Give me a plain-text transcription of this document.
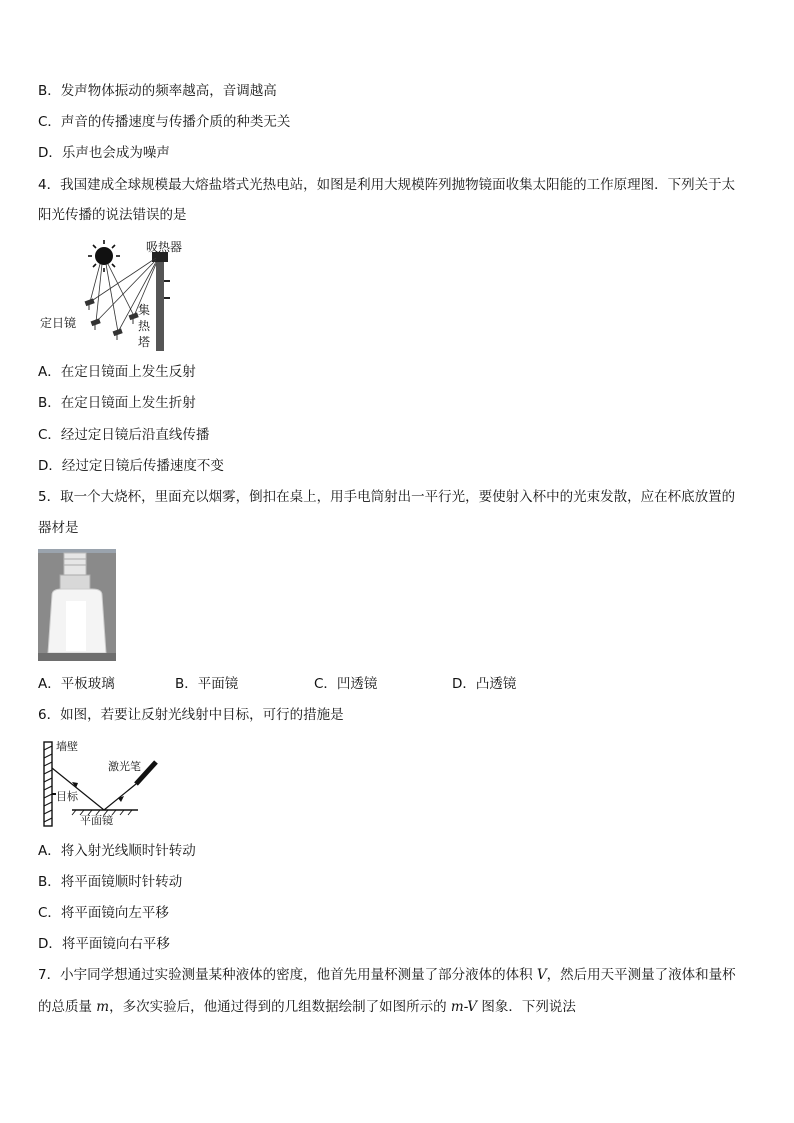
B．发声物体振动的频率越高，音调越高
C．声音的传播速度与传播介质的种类无关
D．乐声也会成为噪声
4．我国建成全球规模最大熔盐塔式光热电站，如图是利用大规模阵列抛物镜面收集太阳能的工作原理图．下列关于太
阳光传播的说法错误的是
吸热器
定日镜
集
热
塔
A．在定日镜面上发生反射
B．在定日镜面上发生折射
C．经过定日镜后沿直线传播
D．经过定日镜后传播速度不变
5．取一个大烧杯，里面充以烟雾，倒扣在桌上，用手电筒射出一平行光，要使射入杯中的光束发散，应在杯底放置的
器材是
A．平板玻璃	B．平面镜	C．凹透镜	D．凸透镜
6．如图，若要让反射光线射中目标，可行的措施是
墙壁
激光笔
目标
平面镜
A．将入射光线顺时针转动
B．将平面镜顺时针转动
C．将平面镜向左平移
D．将平面镜向右平移
7．小宇同学想通过实验测量某种液体的密度，他首先用量杯测量了部分液体的体积 V，然后用天平测量了液体和量杯
的总质量 m，多次实验后，他通过得到的几组数据绘制了如图所示的 m-V 图象．下列说法
